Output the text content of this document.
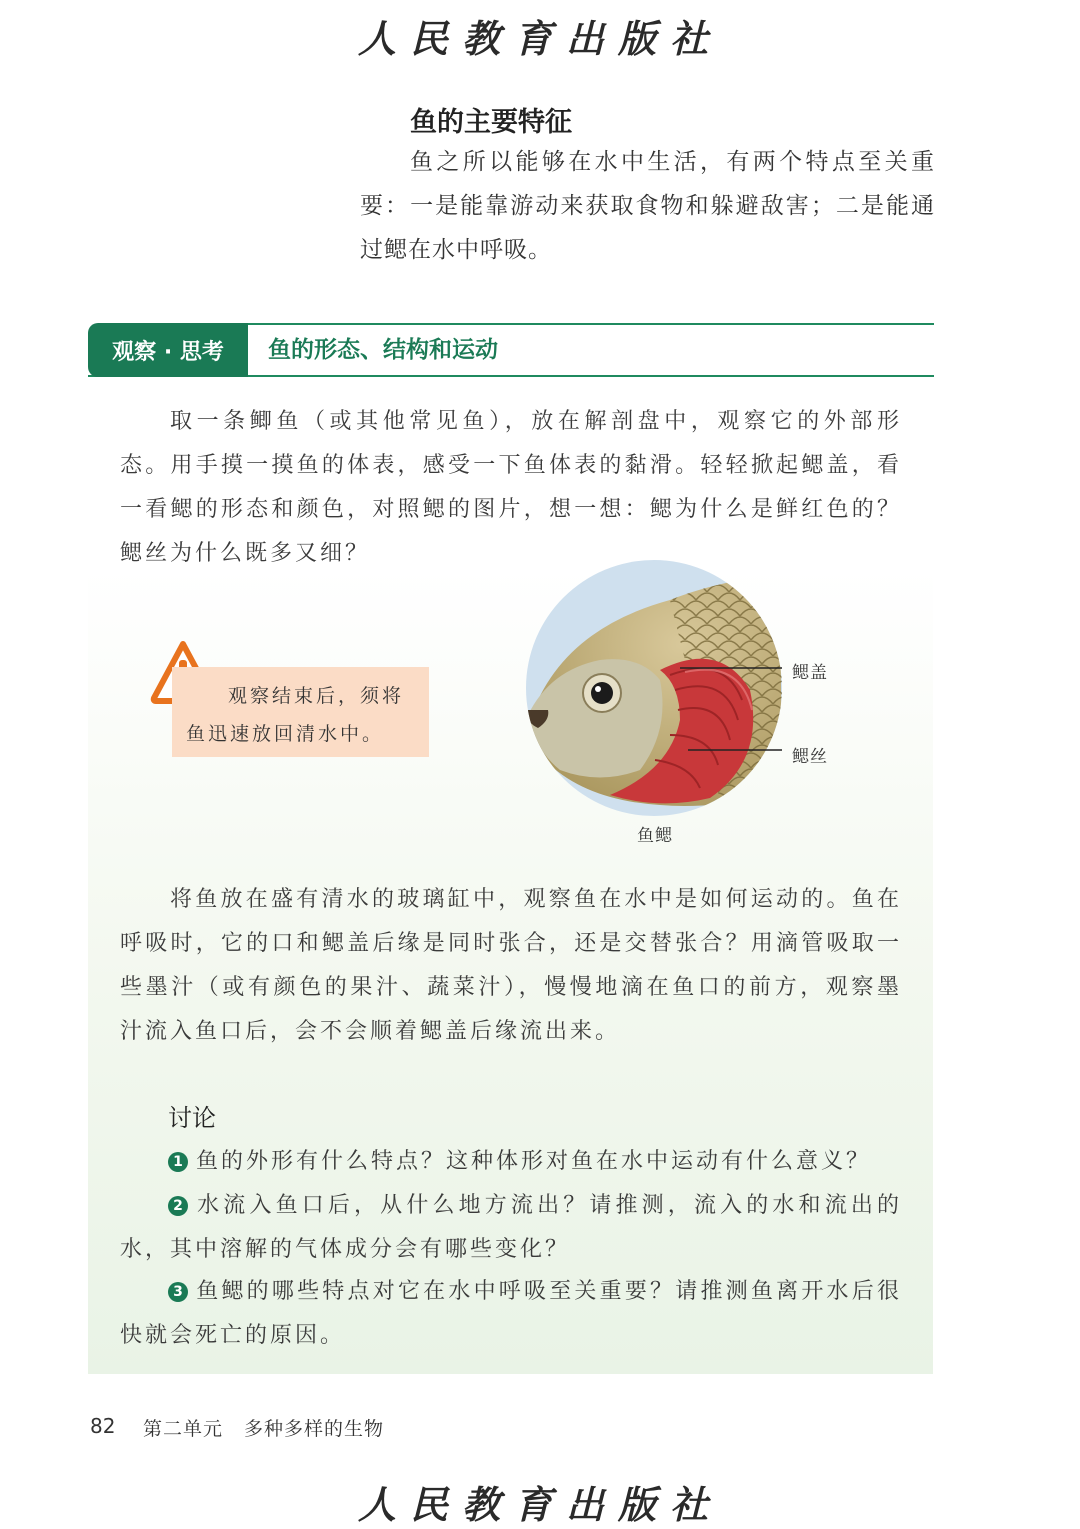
人民教育出版社
鱼的主要特征

鱼之所以能够在水中生活，有两个特点至关重要：一是能靠游动来获取食物和躲避敌害；二是能通过鳃在水中呼吸。

观察 · 思考	鱼的形态、结构和运动

取一条鲫鱼（或其他常见鱼），放在解剖盘中，观察它的外部形态。用手摸一摸鱼的体表，感受一下鱼体表的黏滑。轻轻掀起鳃盖，看一看鳃的形态和颜色，对照鳃的图片，想一想：鳃为什么是鲜红色的？鳃丝为什么既多又细？

观察结束后，须将
鱼迅速放回清水中。
鳃盖
鳃丝
鱼鳃

将鱼放在盛有清水的玻璃缸中，观察鱼在水中是如何运动的。鱼在呼吸时，它的口和鳃盖后缘是同时张合，还是交替张合？用滴管吸取一些墨汁（或有颜色的果汁、蔬菜汁），慢慢地滴在鱼口的前方，观察墨汁流入鱼口后，会不会顺着鳃盖后缘流出来。

讨论

1 鱼的外形有什么特点？这种体形对鱼在水中运动有什么意义？

2 水流入鱼口后，从什么地方流出？请推测，流入的水和流出的水，其中溶解的气体成分会有哪些变化？

3 鱼鳃的哪些特点对它在水中呼吸至关重要？请推测鱼离开水后很快就会死亡的原因。

82 第二单元 多种多样的生物
人民教育出版社
